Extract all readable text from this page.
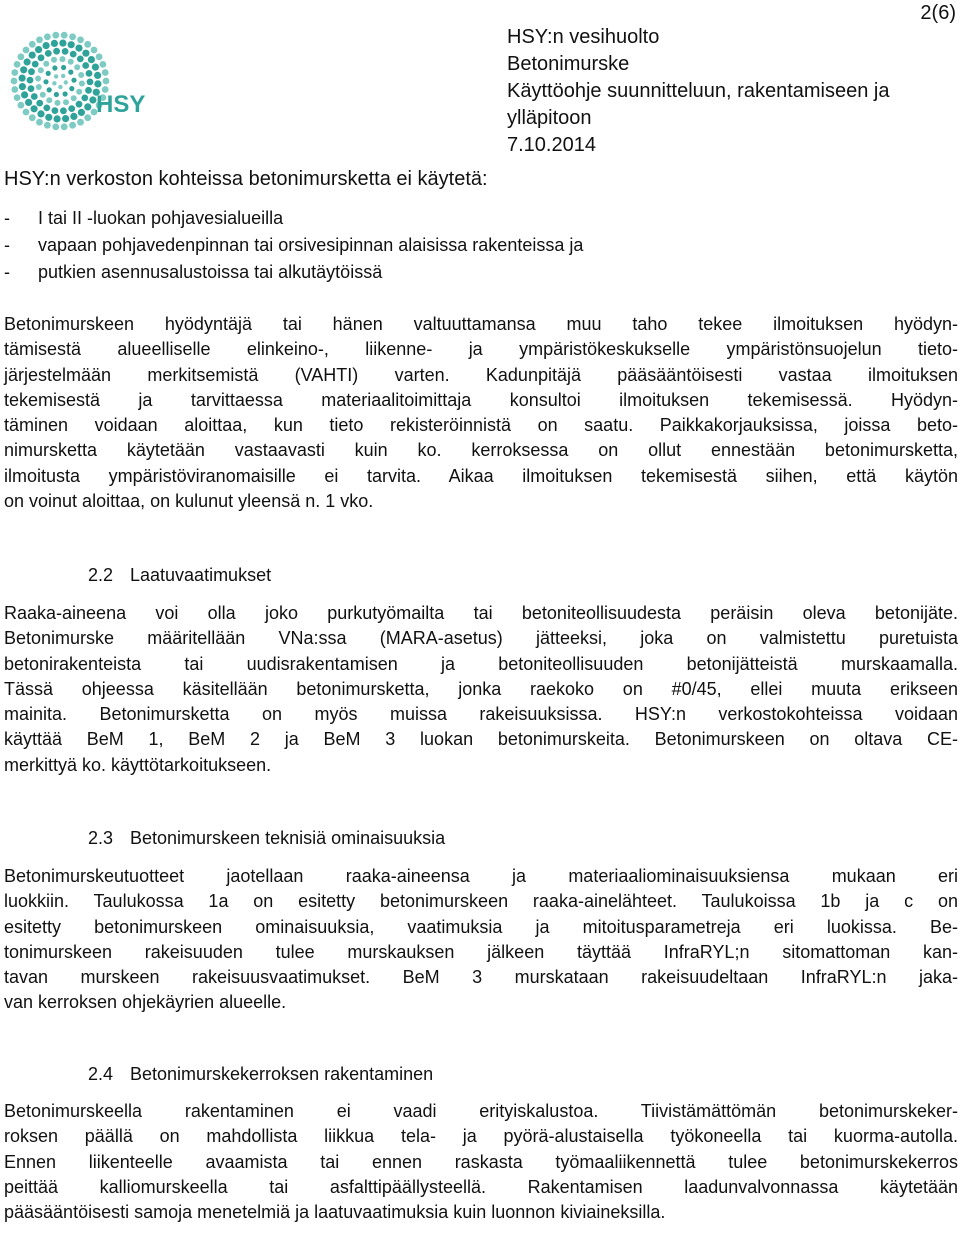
HSY
2(6)
HSY:n vesihuolto
Betonimurske
Käyttöohje suunnitteluun, rakentamiseen ja
ylläpitoon
7.10.2014
HSY:n verkoston kohteissa betonimursketta ei käytetä:
-	I tai II -luokan pohjavesialueilla
-	vapaan pohjavedenpinnan tai orsivesipinnan alaisissa rakenteissa ja
-	putkien asennusalustoissa tai alkutäytöissä
Betonimurskeen hyödyntäjä tai hänen valtuuttamansa muu taho tekee ilmoituksen hyödyn-
tämisestä alueelliselle elinkeino-, liikenne- ja ympäristökeskukselle ympäristönsuojelun tieto-
järjestelmään merkitsemistä (VAHTI) varten. Kadunpitäjä pääsääntöisesti vastaa ilmoituksen
tekemisestä ja tarvittaessa materiaalitoimittaja konsultoi ilmoituksen tekemisessä. Hyödyn-
täminen voidaan aloittaa, kun tieto rekisteröinnistä on saatu. Paikkakorjauksissa, joissa beto-
nimursketta käytetään vastaavasti kuin ko. kerroksessa on ollut ennestään betonimursketta,
ilmoitusta ympäristöviranomaisille ei tarvita. Aikaa ilmoituksen tekemisestä siihen, että käytön
on voinut aloittaa, on kulunut yleensä n. 1 vko.
2.2 Laatuvaatimukset
Raaka-aineena voi olla joko purkutyömailta tai betoniteollisuudesta peräisin oleva betonijäte.
Betonimurske määritellään VNa:ssa (MARA-asetus) jätteeksi, joka on valmistettu puretuista
betonirakenteista tai uudisrakentamisen ja betoniteollisuuden betonijätteistä murskaamalla.
Tässä ohjeessa käsitellään betonimursketta, jonka raekoko on #0/45, ellei muuta erikseen
mainita. Betonimursketta on myös muissa rakeisuuksissa. HSY:n verkostokohteissa voidaan
käyttää BeM 1, BeM 2 ja BeM 3 luokan betonimurskeita. Betonimurskeen on oltava CE-
merkittyä ko. käyttötarkoitukseen.
2.3 Betonimurskeen teknisiä ominaisuuksia
Betonimurskeutuotteet jaotellaan raaka-aineensa ja materiaaliominaisuuksiensa mukaan eri
luokkiin. Taulukossa 1a on esitetty betonimurskeen raaka-ainelähteet. Taulukoissa 1b ja c on
esitetty betonimurskeen ominaisuuksia, vaatimuksia ja mitoitusparametreja eri luokissa. Be-
tonimurskeen rakeisuuden tulee murskauksen jälkeen täyttää InfraRYL;n sitomattoman kan-
tavan murskeen rakeisuusvaatimukset. BeM 3 murskataan rakeisuudeltaan InfraRYL:n jaka-
van kerroksen ohjekäyrien alueelle.
2.4 Betonimurskekerroksen rakentaminen
Betonimurskeella rakentaminen ei vaadi erityiskalustoa. Tiivistämättömän betonimurskeker-
roksen päällä on mahdollista liikkua tela- ja pyörä-alustaisella työkoneella tai kuorma-autolla.
Ennen liikenteelle avaamista tai ennen raskasta työmaaliikennettä tulee betonimurskekerros
peittää kalliomurskeella tai asfalttipäällysteellä. Rakentamisen laadunvalvonnassa käytetään
pääsääntöisesti samoja menetelmiä ja laatuvaatimuksia kuin luonnon kiviaineksilla.
